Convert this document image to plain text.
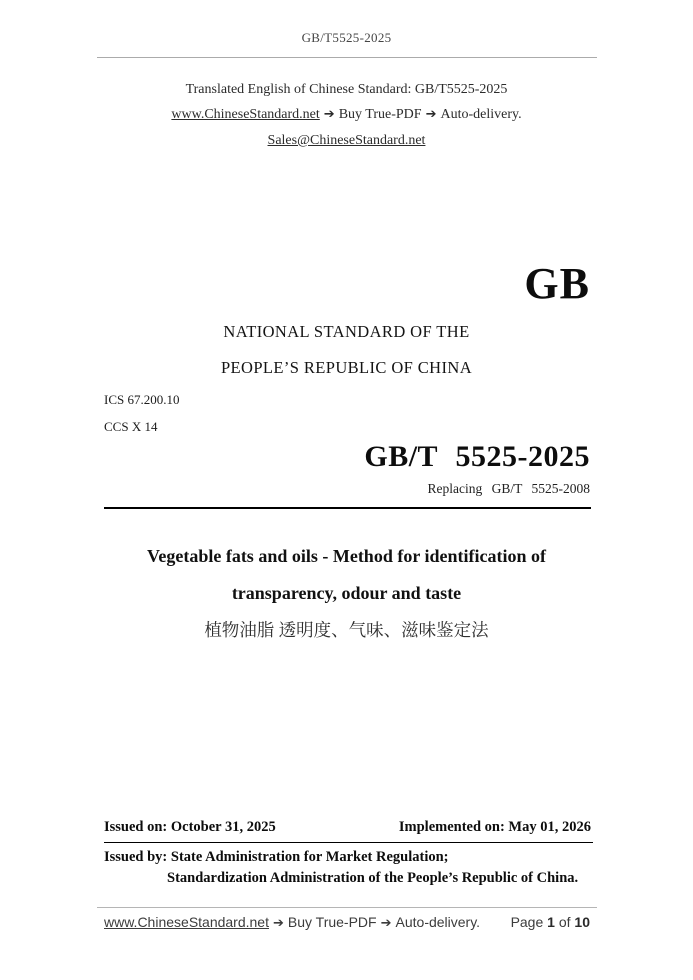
GB/T5525-2025
Translated English of Chinese Standard: GB/T5525-2025
www.ChineseStandard.net ➔ Buy True-PDF ➔ Auto-delivery.
Sales@ChineseStandard.net
GB
NATIONAL STANDARD OF THE
PEOPLE’S REPUBLIC OF CHINA
ICS 67.200.10
CCS X 14
GB/T 5525-2025
Replacing GB/T 5525-2008
Vegetable fats and oils - Method for identification of
transparency, odour and taste
植物油脂 透明度、气味、滋味鉴定法
Issued on: October 31, 2025	Implemented on: May 01, 2026
Issued by: State Administration for Market Regulation;
Standardization Administration of the People’s Republic of China.
www.ChineseStandard.net ➔ Buy True-PDF ➔ Auto-delivery. Page 1 of 10
